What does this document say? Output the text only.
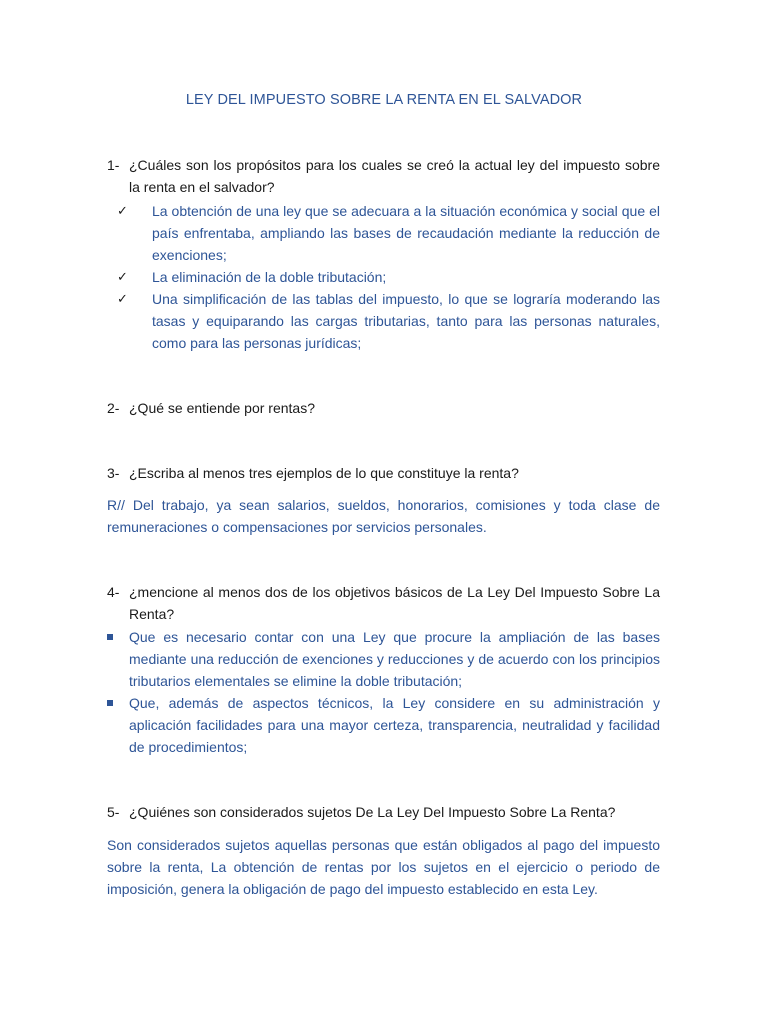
LEY DEL IMPUESTO SOBRE LA RENTA EN EL SALVADOR
1- ¿Cuáles son los propósitos para los cuales se creó la actual ley del impuesto sobre la renta en el salvador?
✓ La obtención de una ley que se adecuara a la situación económica y social que el país enfrentaba, ampliando las bases de recaudación mediante la reducción de exenciones;
✓ La eliminación de la doble tributación;
✓ Una simplificación de las tablas del impuesto, lo que se lograría moderando las tasas y equiparando las cargas tributarias, tanto para las personas naturales, como para las personas jurídicas;
2- ¿Qué se entiende por rentas?
3- ¿Escriba al menos tres ejemplos de lo que constituye la renta?
R// Del trabajo, ya sean salarios, sueldos, honorarios, comisiones y toda clase de remuneraciones o compensaciones por servicios personales.
4- ¿mencione al menos dos de los objetivos básicos de La Ley Del Impuesto Sobre La Renta?
Que es necesario contar con una Ley que procure la ampliación de las bases mediante una reducción de exenciones y reducciones y de acuerdo con los principios tributarios elementales se elimine la doble tributación;
Que, además de aspectos técnicos, la Ley considere en su administración y aplicación facilidades para una mayor certeza, transparencia, neutralidad y facilidad de procedimientos;
5- ¿Quiénes son considerados sujetos De La Ley Del Impuesto Sobre La Renta?
Son considerados sujetos aquellas personas que están obligados al pago del impuesto sobre la renta, La obtención de rentas por los sujetos en el ejercicio o periodo de imposición, genera la obligación de pago del impuesto establecido en esta Ley.
